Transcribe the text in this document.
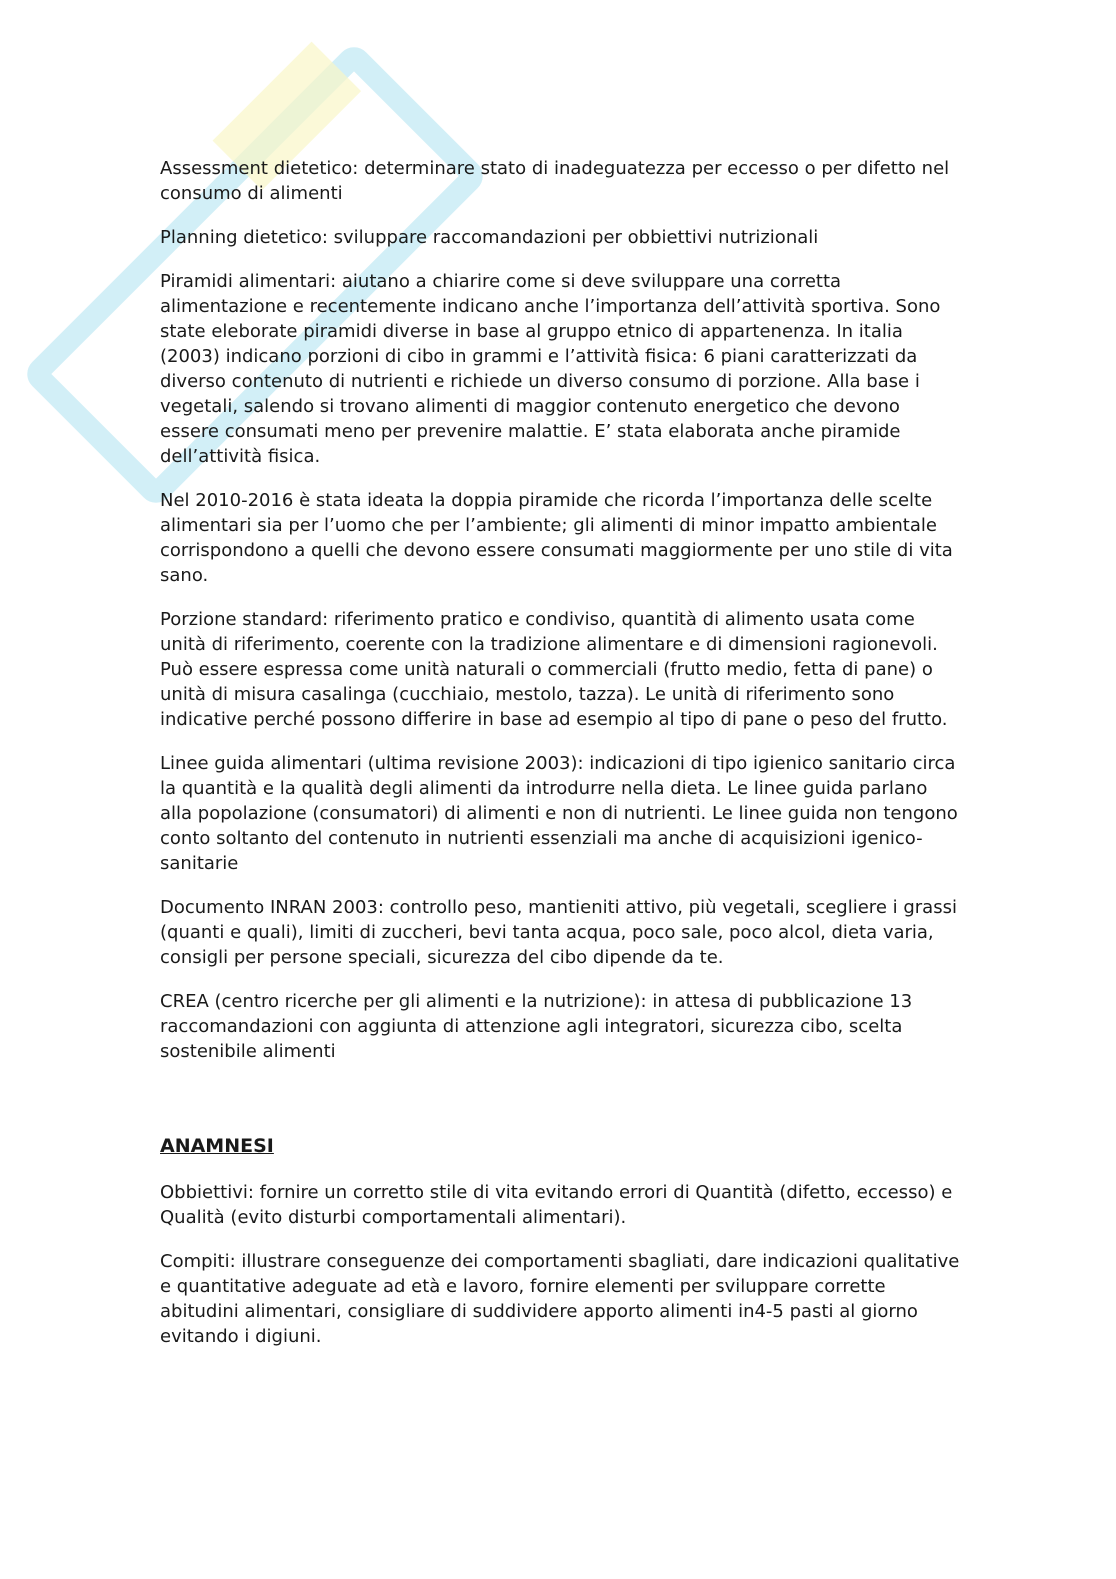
Assessment dietetico: determinare stato di inadeguatezza per eccesso o per difetto nel consumo di alimenti

Planning dietetico: sviluppare raccomandazioni per obbiettivi nutrizionali

Piramidi alimentari: aiutano a chiarire come si deve sviluppare una corretta alimentazione e recentemente indicano anche l’importanza dell’attività sportiva. Sono state eleborate piramidi diverse in base al gruppo etnico di appartenenza. In italia (2003) indicano porzioni di cibo in grammi e l’attività fisica: 6 piani caratterizzati da diverso contenuto di nutrienti e richiede un diverso consumo di porzione. Alla base i vegetali, salendo si trovano alimenti di maggior contenuto energetico che devono essere consumati meno per prevenire malattie. E’ stata elaborata anche piramide dell’attività fisica.

Nel 2010-2016 è stata ideata la doppia piramide che ricorda l’importanza delle scelte alimentari sia per l’uomo che per l’ambiente; gli alimenti di minor impatto ambientale corrispondono a quelli che devono essere consumati maggiormente per uno stile di vita sano.

Porzione standard: riferimento pratico e condiviso, quantità di alimento usata come unità di riferimento, coerente con la tradizione alimentare e di dimensioni ragionevoli. Può essere espressa come unità naturali o commerciali (frutto medio, fetta di pane) o unità di misura casalinga (cucchiaio, mestolo, tazza). Le unità di riferimento sono indicative perché possono differire in base ad esempio al tipo di pane o peso del frutto.

Linee guida alimentari (ultima revisione 2003): indicazioni di tipo igienico sanitario circa la quantità e la qualità degli alimenti da introdurre nella dieta. Le linee guida parlano alla popolazione (consumatori) di alimenti e non di nutrienti. Le linee guida non tengono conto soltanto del contenuto in nutrienti essenziali ma anche di acquisizioni igenico-sanitarie

Documento INRAN 2003: controllo peso, mantieniti attivo, più vegetali, scegliere i grassi (quanti e quali), limiti di zuccheri, bevi tanta acqua, poco sale, poco alcol, dieta varia, consigli per persone speciali, sicurezza del cibo dipende da te.

CREA (centro ricerche per gli alimenti e la nutrizione): in attesa di pubblicazione 13 raccomandazioni con aggiunta di attenzione agli integratori, sicurezza cibo, scelta sostenibile alimenti

ANAMNESI

Obbiettivi: fornire un corretto stile di vita evitando errori di Quantità (difetto, eccesso) e Qualità (evito disturbi comportamentali alimentari).

Compiti: illustrare conseguenze dei comportamenti sbagliati, dare indicazioni qualitative e quantitative adeguate ad età e lavoro, fornire elementi per sviluppare corrette abitudini alimentari, consigliare di suddividere apporto alimenti in4-5 pasti al giorno evitando i digiuni.
